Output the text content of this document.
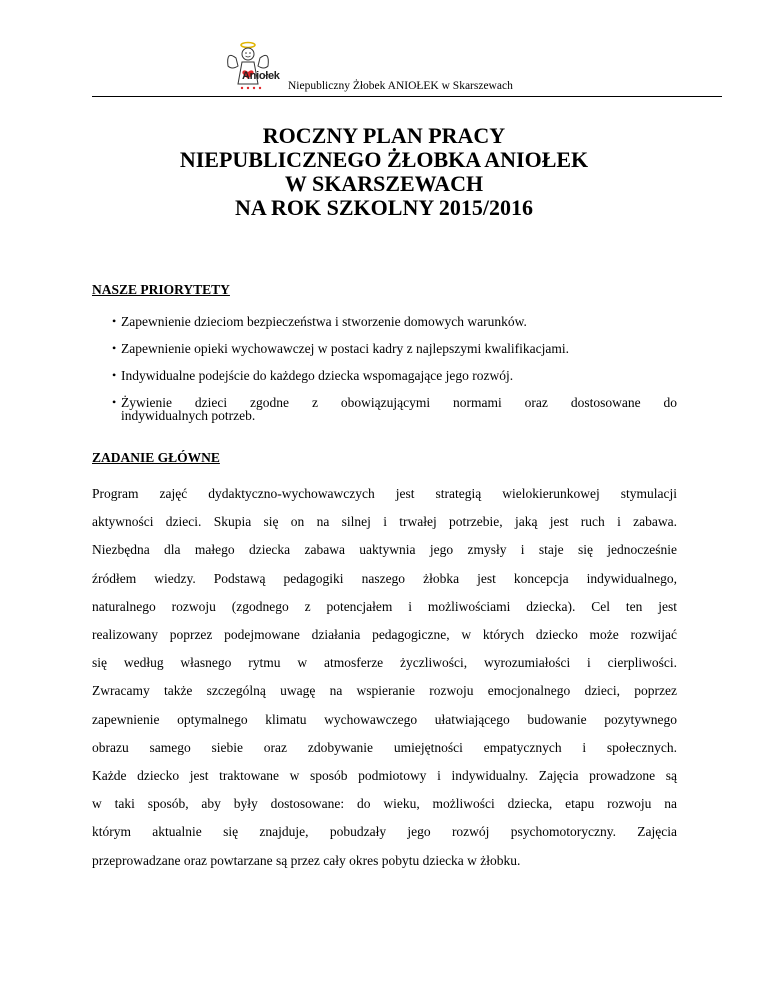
Aniołek
Niepubliczny Żłobek ANIOŁEK w Skarszewach
ROCZNY PLAN PRACY
NIEPUBLICZNEGO ŻŁOBKA ANIOŁEK
W SKARSZEWACH
NA ROK SZKOLNY 2015/2016
NASZE PRIORYTETY
• Zapewnienie dzieciom bezpieczeństwa i stworzenie domowych warunków.
• Zapewnienie opieki wychowawczej w postaci kadry z najlepszymi kwalifikacjami.
• Indywidualne podejście do każdego dziecka wspomagające jego rozwój.
• Żywienie dzieci zgodne z obowiązującymi normami oraz dostosowane do
indywidualnych potrzeb.
ZADANIE GŁÓWNE
Program zajęć dydaktyczno-wychowawczych jest strategią wielokierunkowej stymulacji
aktywności dzieci. Skupia się on na silnej i trwałej potrzebie, jaką jest ruch i zabawa.
Niezbędna dla małego dziecka zabawa uaktywnia jego zmysły i staje się jednocześnie
źródłem wiedzy. Podstawą pedagogiki naszego żłobka jest koncepcja indywidualnego,
naturalnego rozwoju (zgodnego z potencjałem i możliwościami dziecka). Cel ten jest
realizowany poprzez podejmowane działania pedagogiczne, w których dziecko może rozwijać
się według własnego rytmu w atmosferze życzliwości, wyrozumiałości i cierpliwości.
Zwracamy także szczególną uwagę na wspieranie rozwoju emocjonalnego dzieci, poprzez
zapewnienie optymalnego klimatu wychowawczego ułatwiającego budowanie pozytywnego
obrazu samego siebie oraz zdobywanie umiejętności empatycznych i społecznych.
Każde dziecko jest traktowane w sposób podmiotowy i indywidualny. Zajęcia prowadzone są
w taki sposób, aby były dostosowane: do wieku, możliwości dziecka, etapu rozwoju na
którym aktualnie się znajduje, pobudzały jego rozwój psychomotoryczny. Zajęcia
przeprowadzane oraz powtarzane są przez cały okres pobytu dziecka w żłobku.
